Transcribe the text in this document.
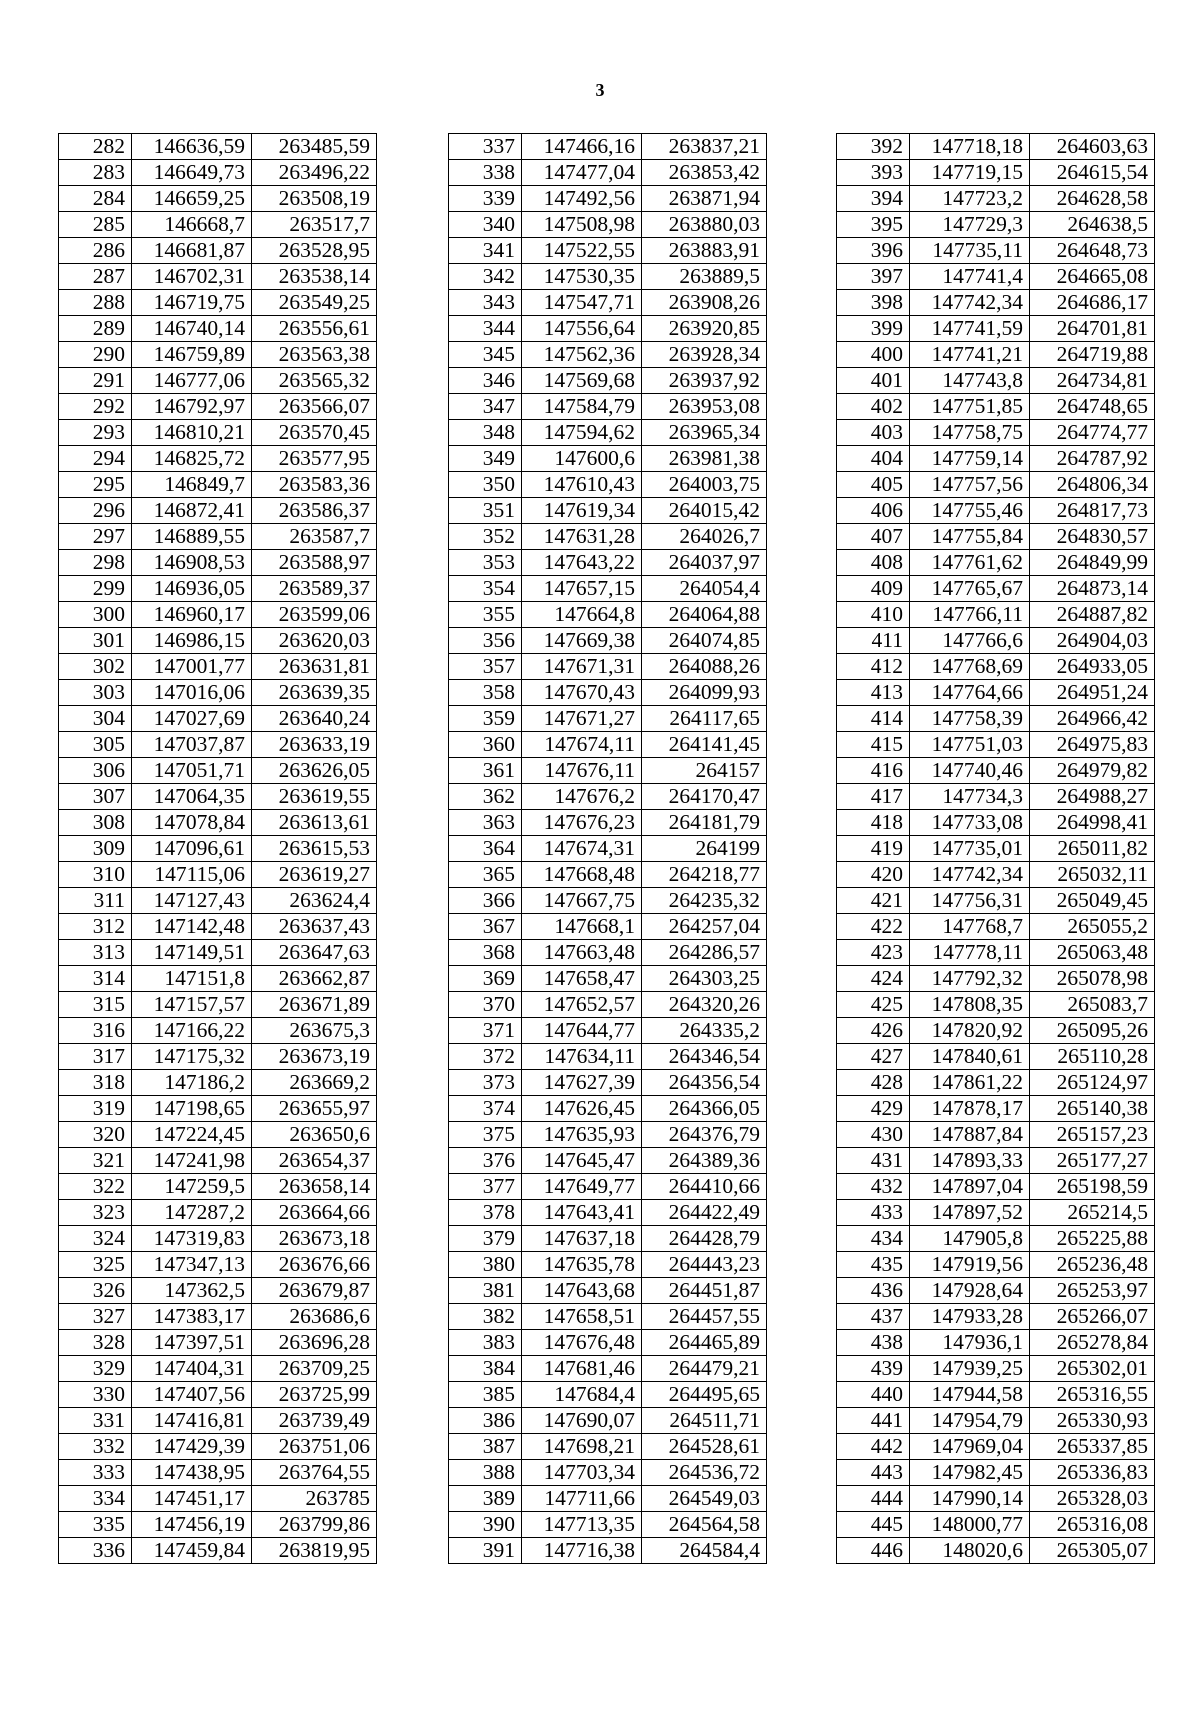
3
282	146636,59	263485,59
283	146649,73	263496,22
284	146659,25	263508,19
285	146668,7	263517,7
286	146681,87	263528,95
287	146702,31	263538,14
288	146719,75	263549,25
289	146740,14	263556,61
290	146759,89	263563,38
291	146777,06	263565,32
292	146792,97	263566,07
293	146810,21	263570,45
294	146825,72	263577,95
295	146849,7	263583,36
296	146872,41	263586,37
297	146889,55	263587,7
298	146908,53	263588,97
299	146936,05	263589,37
300	146960,17	263599,06
301	146986,15	263620,03
302	147001,77	263631,81
303	147016,06	263639,35
304	147027,69	263640,24
305	147037,87	263633,19
306	147051,71	263626,05
307	147064,35	263619,55
308	147078,84	263613,61
309	147096,61	263615,53
310	147115,06	263619,27
311	147127,43	263624,4
312	147142,48	263637,43
313	147149,51	263647,63
314	147151,8	263662,87
315	147157,57	263671,89
316	147166,22	263675,3
317	147175,32	263673,19
318	147186,2	263669,2
319	147198,65	263655,97
320	147224,45	263650,6
321	147241,98	263654,37
322	147259,5	263658,14
323	147287,2	263664,66
324	147319,83	263673,18
325	147347,13	263676,66
326	147362,5	263679,87
327	147383,17	263686,6
328	147397,51	263696,28
329	147404,31	263709,25
330	147407,56	263725,99
331	147416,81	263739,49
332	147429,39	263751,06
333	147438,95	263764,55
334	147451,17	263785
335	147456,19	263799,86
336	147459,84	263819,95
337	147466,16	263837,21
338	147477,04	263853,42
339	147492,56	263871,94
340	147508,98	263880,03
341	147522,55	263883,91
342	147530,35	263889,5
343	147547,71	263908,26
344	147556,64	263920,85
345	147562,36	263928,34
346	147569,68	263937,92
347	147584,79	263953,08
348	147594,62	263965,34
349	147600,6	263981,38
350	147610,43	264003,75
351	147619,34	264015,42
352	147631,28	264026,7
353	147643,22	264037,97
354	147657,15	264054,4
355	147664,8	264064,88
356	147669,38	264074,85
357	147671,31	264088,26
358	147670,43	264099,93
359	147671,27	264117,65
360	147674,11	264141,45
361	147676,11	264157
362	147676,2	264170,47
363	147676,23	264181,79
364	147674,31	264199
365	147668,48	264218,77
366	147667,75	264235,32
367	147668,1	264257,04
368	147663,48	264286,57
369	147658,47	264303,25
370	147652,57	264320,26
371	147644,77	264335,2
372	147634,11	264346,54
373	147627,39	264356,54
374	147626,45	264366,05
375	147635,93	264376,79
376	147645,47	264389,36
377	147649,77	264410,66
378	147643,41	264422,49
379	147637,18	264428,79
380	147635,78	264443,23
381	147643,68	264451,87
382	147658,51	264457,55
383	147676,48	264465,89
384	147681,46	264479,21
385	147684,4	264495,65
386	147690,07	264511,71
387	147698,21	264528,61
388	147703,34	264536,72
389	147711,66	264549,03
390	147713,35	264564,58
391	147716,38	264584,4
392	147718,18	264603,63
393	147719,15	264615,54
394	147723,2	264628,58
395	147729,3	264638,5
396	147735,11	264648,73
397	147741,4	264665,08
398	147742,34	264686,17
399	147741,59	264701,81
400	147741,21	264719,88
401	147743,8	264734,81
402	147751,85	264748,65
403	147758,75	264774,77
404	147759,14	264787,92
405	147757,56	264806,34
406	147755,46	264817,73
407	147755,84	264830,57
408	147761,62	264849,99
409	147765,67	264873,14
410	147766,11	264887,82
411	147766,6	264904,03
412	147768,69	264933,05
413	147764,66	264951,24
414	147758,39	264966,42
415	147751,03	264975,83
416	147740,46	264979,82
417	147734,3	264988,27
418	147733,08	264998,41
419	147735,01	265011,82
420	147742,34	265032,11
421	147756,31	265049,45
422	147768,7	265055,2
423	147778,11	265063,48
424	147792,32	265078,98
425	147808,35	265083,7
426	147820,92	265095,26
427	147840,61	265110,28
428	147861,22	265124,97
429	147878,17	265140,38
430	147887,84	265157,23
431	147893,33	265177,27
432	147897,04	265198,59
433	147897,52	265214,5
434	147905,8	265225,88
435	147919,56	265236,48
436	147928,64	265253,97
437	147933,28	265266,07
438	147936,1	265278,84
439	147939,25	265302,01
440	147944,58	265316,55
441	147954,79	265330,93
442	147969,04	265337,85
443	147982,45	265336,83
444	147990,14	265328,03
445	148000,77	265316,08
446	148020,6	265305,07
